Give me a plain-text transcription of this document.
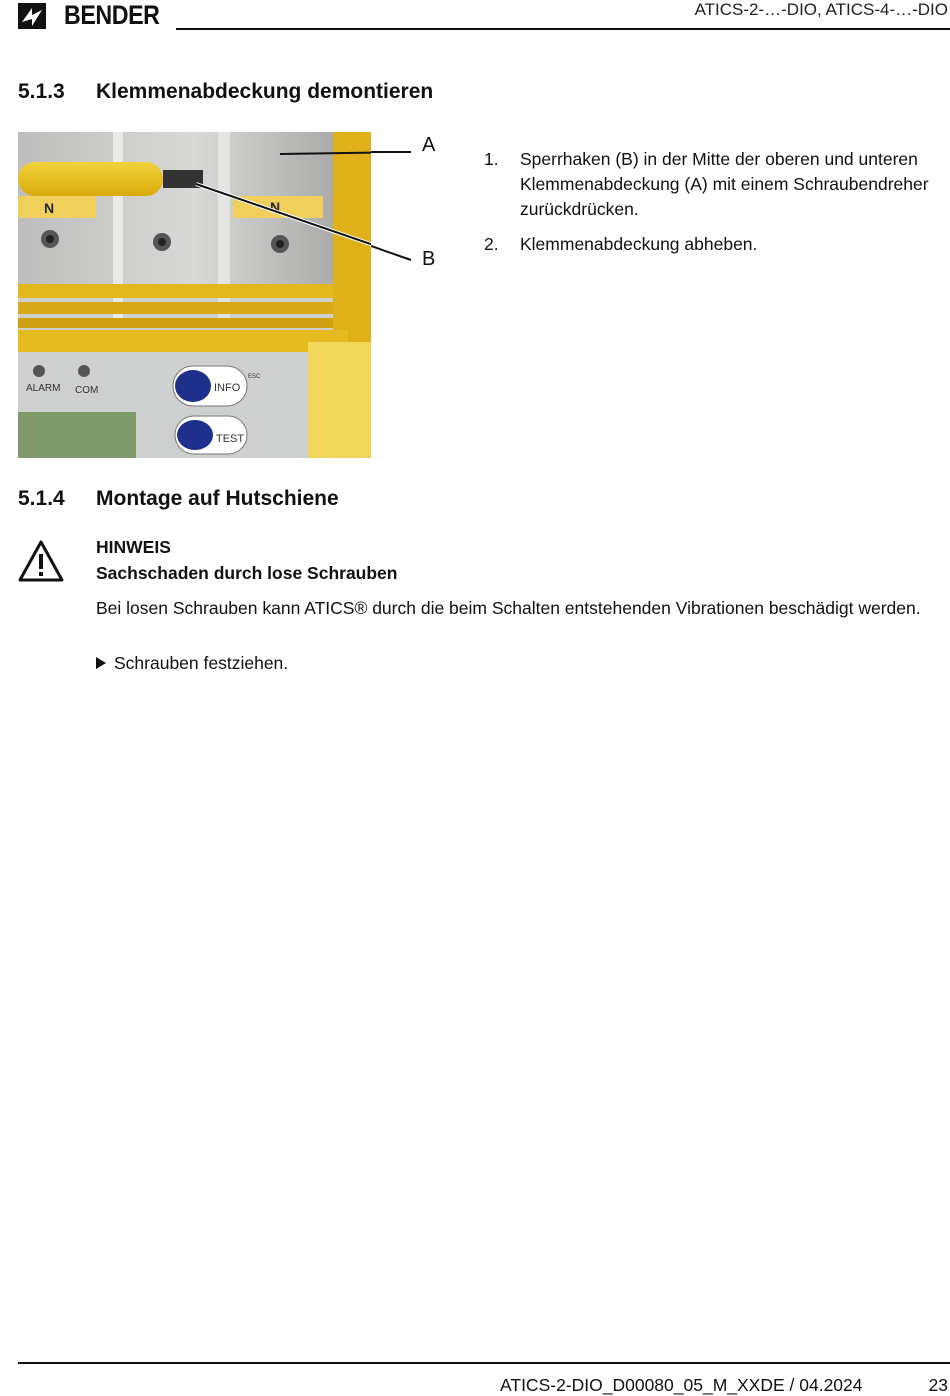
BENDER	ATICS-2-…-DIO, ATICS-4-…-DIO
5.1.3 Klemmenabdeckung demontieren
N	N
ALARM COM	INFO
ESC
TEST
A
B
1. Sperrhaken (B) in der Mitte der oberen und unteren Klemmenabdeckung (A) mit einem Schraubendreher zurückdrücken.
2. Klemmenabdeckung abheben.
5.1.4 Montage auf Hutschiene
HINWEIS
Sachschaden durch lose Schrauben
Bei losen Schrauben kann ATICS® durch die beim Schalten entstehenden Vibrationen beschädigt werden.
Schrauben festziehen.
ATICS-2-DIO_D00080_05_M_XXDE / 04.2024	23
